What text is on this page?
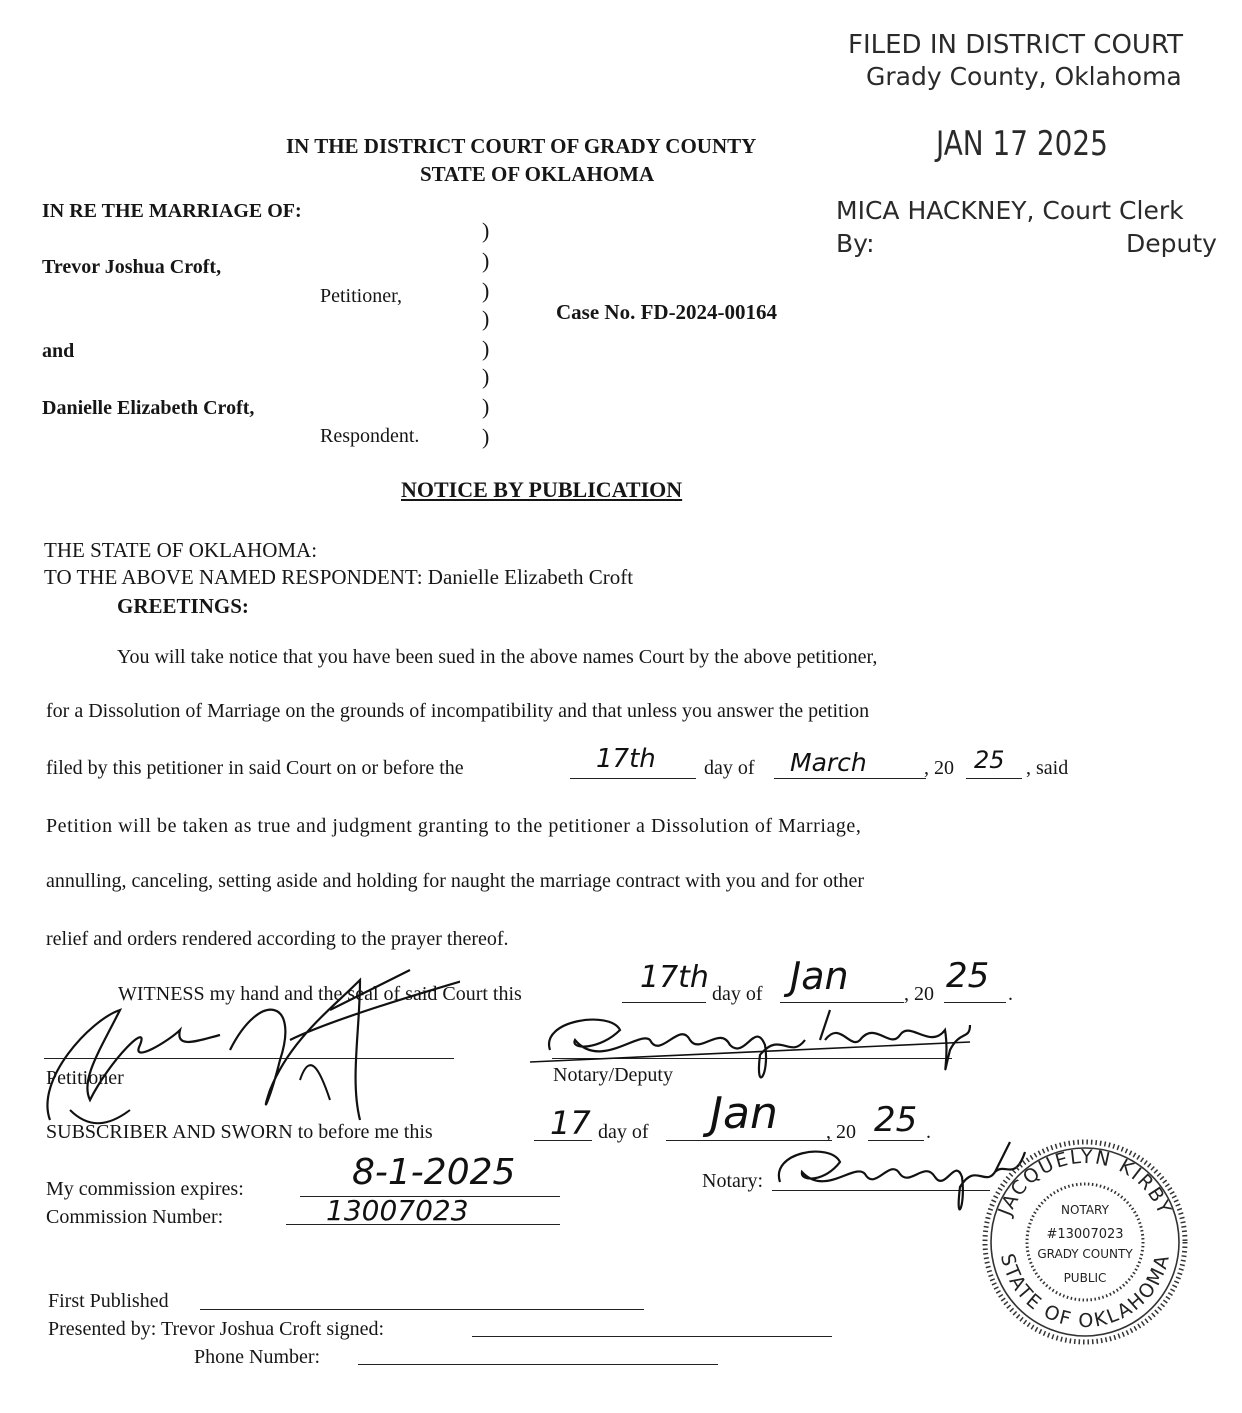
FILED IN DISTRICT COURT
Grady County, Oklahoma
JAN 17 2025
MICA HACKNEY, Court Clerk
By:	Deputy
IN THE DISTRICT COURT OF GRADY COUNTY
STATE OF OKLAHOMA
IN RE THE MARRIAGE OF:
Trevor Joshua Croft,
Petitioner,
and
Danielle Elizabeth Croft,
Respondent.
)
)
)
)
)
)
)
)
Case No. FD-2024-00164
NOTICE BY PUBLICATION
THE STATE OF OKLAHOMA:
TO THE ABOVE NAMED RESPONDENT: Danielle Elizabeth Croft
GREETINGS:
You will take notice that you have been sued in the above names Court by the above petitioner,
for a Dissolution of Marriage on the grounds of incompatibility and that unless you answer the petition
filed by this petitioner in said Court on or before the	17th day of March	, 20 25 , said
Petition will be taken as true and judgment granting to the petitioner a Dissolution of Marriage,
annulling, canceling, setting aside and holding for naught the marriage contract with you and for other
relief and orders rendered according to the prayer thereof.
WITNESS my hand and the seal of said Court this	17th day of Jan	, 20 25 .
Petitioner	Notary/Deputy
SUBSCRIBER AND SWORN to before me this	17 day of Jan , 20 25 .
My commission expires:	8-1-2025
Commission Number:	13007023
Notary:
JACQUELYN KIRBY
STATE OF OKLAHOMA
NOTARY
#13007023
GRADY COUNTY
PUBLIC
First Published
Presented by: Trevor Joshua Croft signed:
Phone Number:
